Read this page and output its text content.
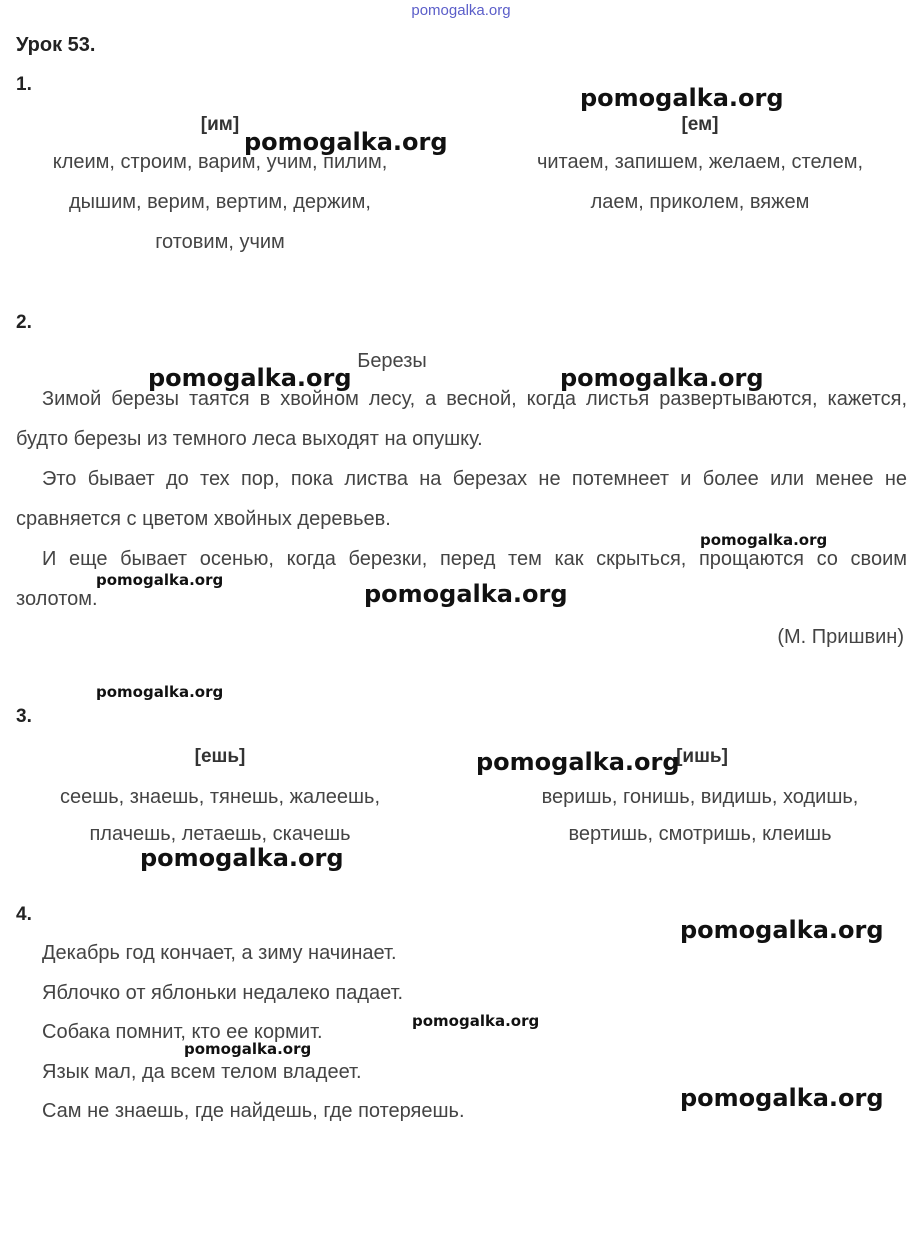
pomogalka.org
Урок 53.
1.
[им]
клеим, строим, варим, учим, пилим,
дышим, верим, вертим, держим,
готовим, учим
[ем]
читаем, запишем, желаем, стелем,
лаем, приколем, вяжем
2.
Березы
Зимой березы таятся в хвойном лесу, а весной, когда листья развертываются, кажется, будто березы из темного леса выходят на опушку.
Это бывает до тех пор, пока листва на березах не потемнеет и более или менее не сравняется с цветом хвойных деревьев.
И еще бывает осенью, когда березки, перед тем как скрыться, прощаются со своим золотом.
(М. Пришвин)
3.
[ешь]
сеешь, знаешь, тянешь, жалеешь,
плачешь, летаешь, скачешь
[ишь]
веришь, гонишь, видишь, ходишь,
вертишь, смотришь, клеишь
4.
Декабрь год кончает, а зиму начинает.
Яблочко от яблоньки недалеко падает.
Собака помнит, кто ее кормит.
Язык мал, да всем телом владеет.
Сам не знаешь, где найдешь, где потеряешь.
pomogalka.org
pomogalka.org
pomogalka.org	pomogalka.org
pomogalka.org
pomogalka.org	pomogalka.org
pomogalka.org
pomogalka.org
pomogalka.org
pomogalka.org
pomogalka.org
pomogalka.org
pomogalka.org
